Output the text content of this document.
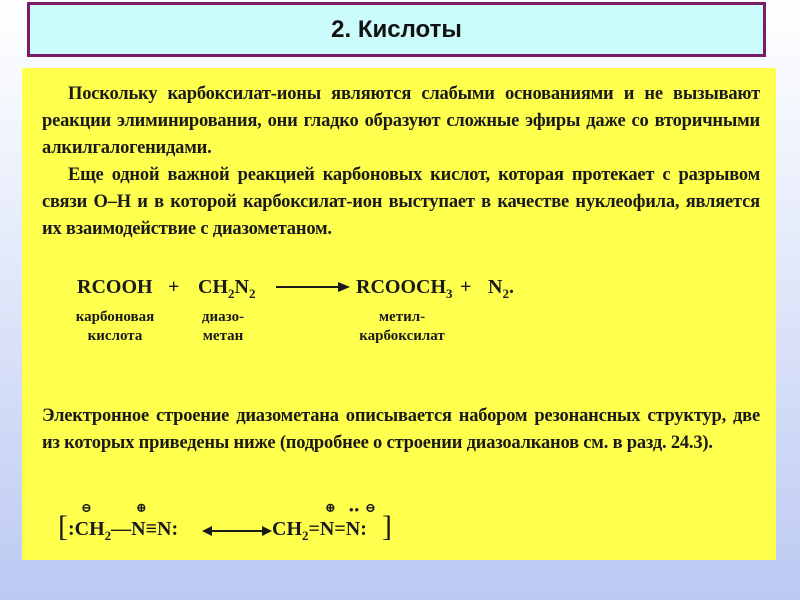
2. Кислоты

Поскольку карбоксилат-ионы являются слабыми основаниями и не вызывают реакции элиминирования, они гладко образуют сложные эфиры даже со вторичными алкилгалогенидами.

Еще одной важной реакцией карбоновых кислот, которая протекает с разрывом связи О–Н и в которой карбоксилат-ион выступает в качестве нуклеофила, является их взаимодействие с диазометаном.

RCOOH + $CH_2N_2$	$RCOOCH_3 + N_2$.
карбоновая
кислота
диазо-
метан
метил-
карбоксилат
Электронное строение диазометана описывается набором резонансных структур, две из которых приведены ниже (подробнее о строении диазоалканов см. в разд. 24.3).
[
⊖	⊕
$:CH_2—N\equiv N$:
⊕ •• ⊖
$CH_2=N=N$: ]
